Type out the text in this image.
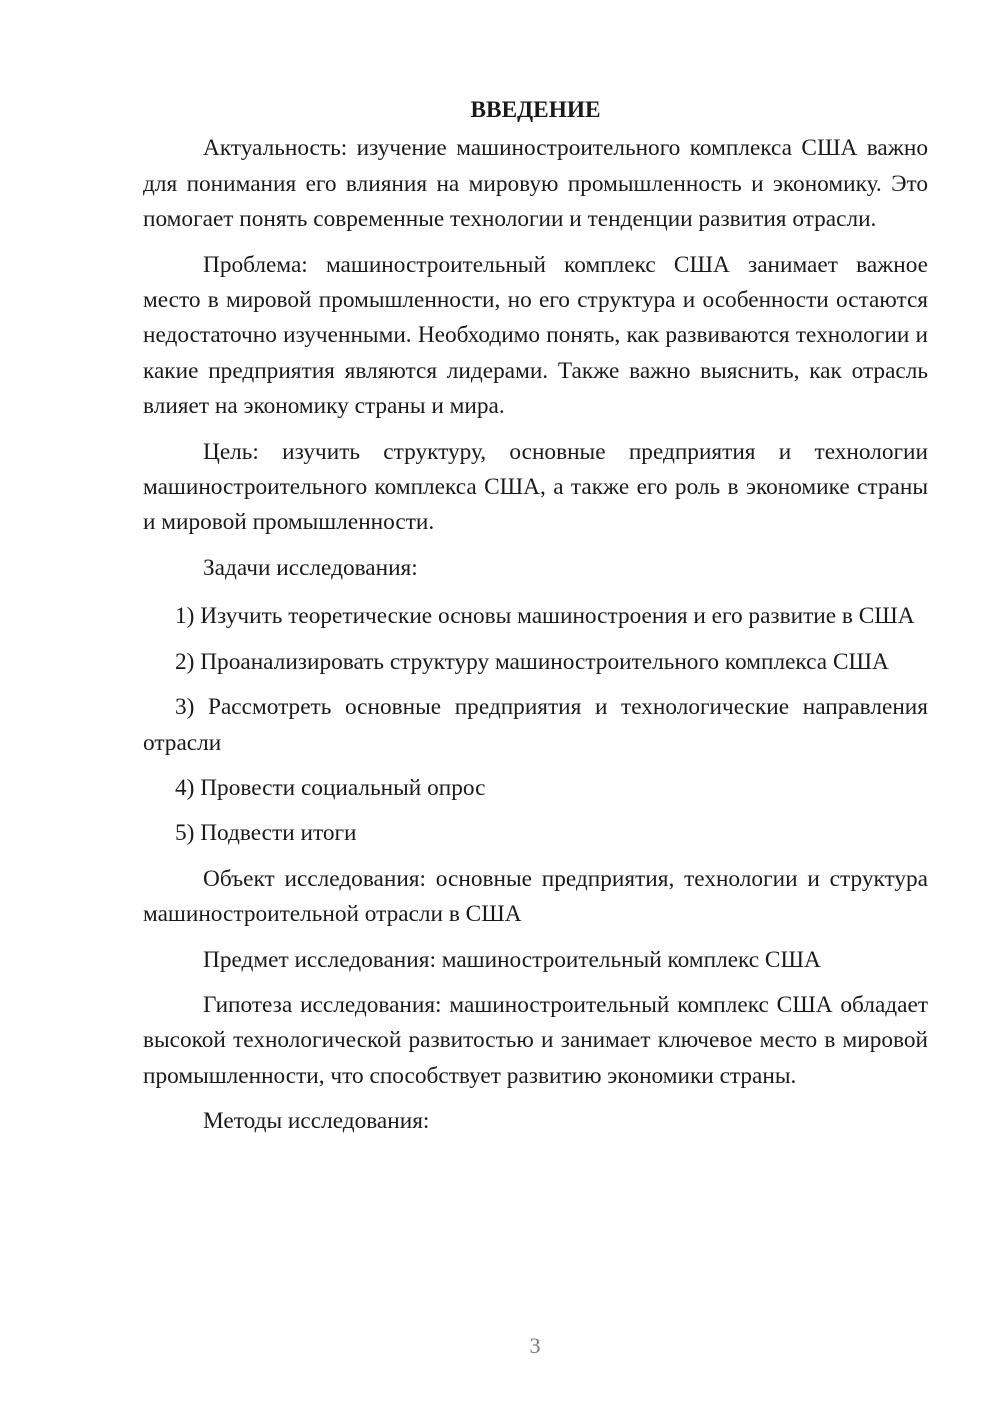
ВВЕДЕНИЕ

Актуальность: изучение машиностроительного комплекса США важно для понимания его влияния на мировую промышленность и экономику. Это помогает понять современные технологии и тенденции развития отрасли.

Проблема: машиностроительный комплекс США занимает важное место в мировой промышленности, но его структура и особенности остаются недостаточно изученными. Необходимо понять, как развиваются технологии и какие предприятия являются лидерами. Также важно выяснить, как отрасль влияет на экономику страны и мира.

Цель: изучить структуру, основные предприятия и технологии машиностроительного комплекса США, а также его роль в экономике страны и мировой промышленности.

Задачи исследования:

1) Изучить теоретические основы машиностроения и его развитие в США

2) Проанализировать структуру машиностроительного комплекса США

3) Рассмотреть основные предприятия и технологические направления отрасли

4) Провести социальный опрос

5) Подвести итоги

Объект исследования: основные предприятия, технологии и структура машиностроительной отрасли в США

Предмет исследования: машиностроительный комплекс США

Гипотеза исследования: машиностроительный комплекс США обладает высокой технологической развитостью и занимает ключевое место в мировой промышленности, что способствует развитию экономики страны.

Методы исследования:

3
